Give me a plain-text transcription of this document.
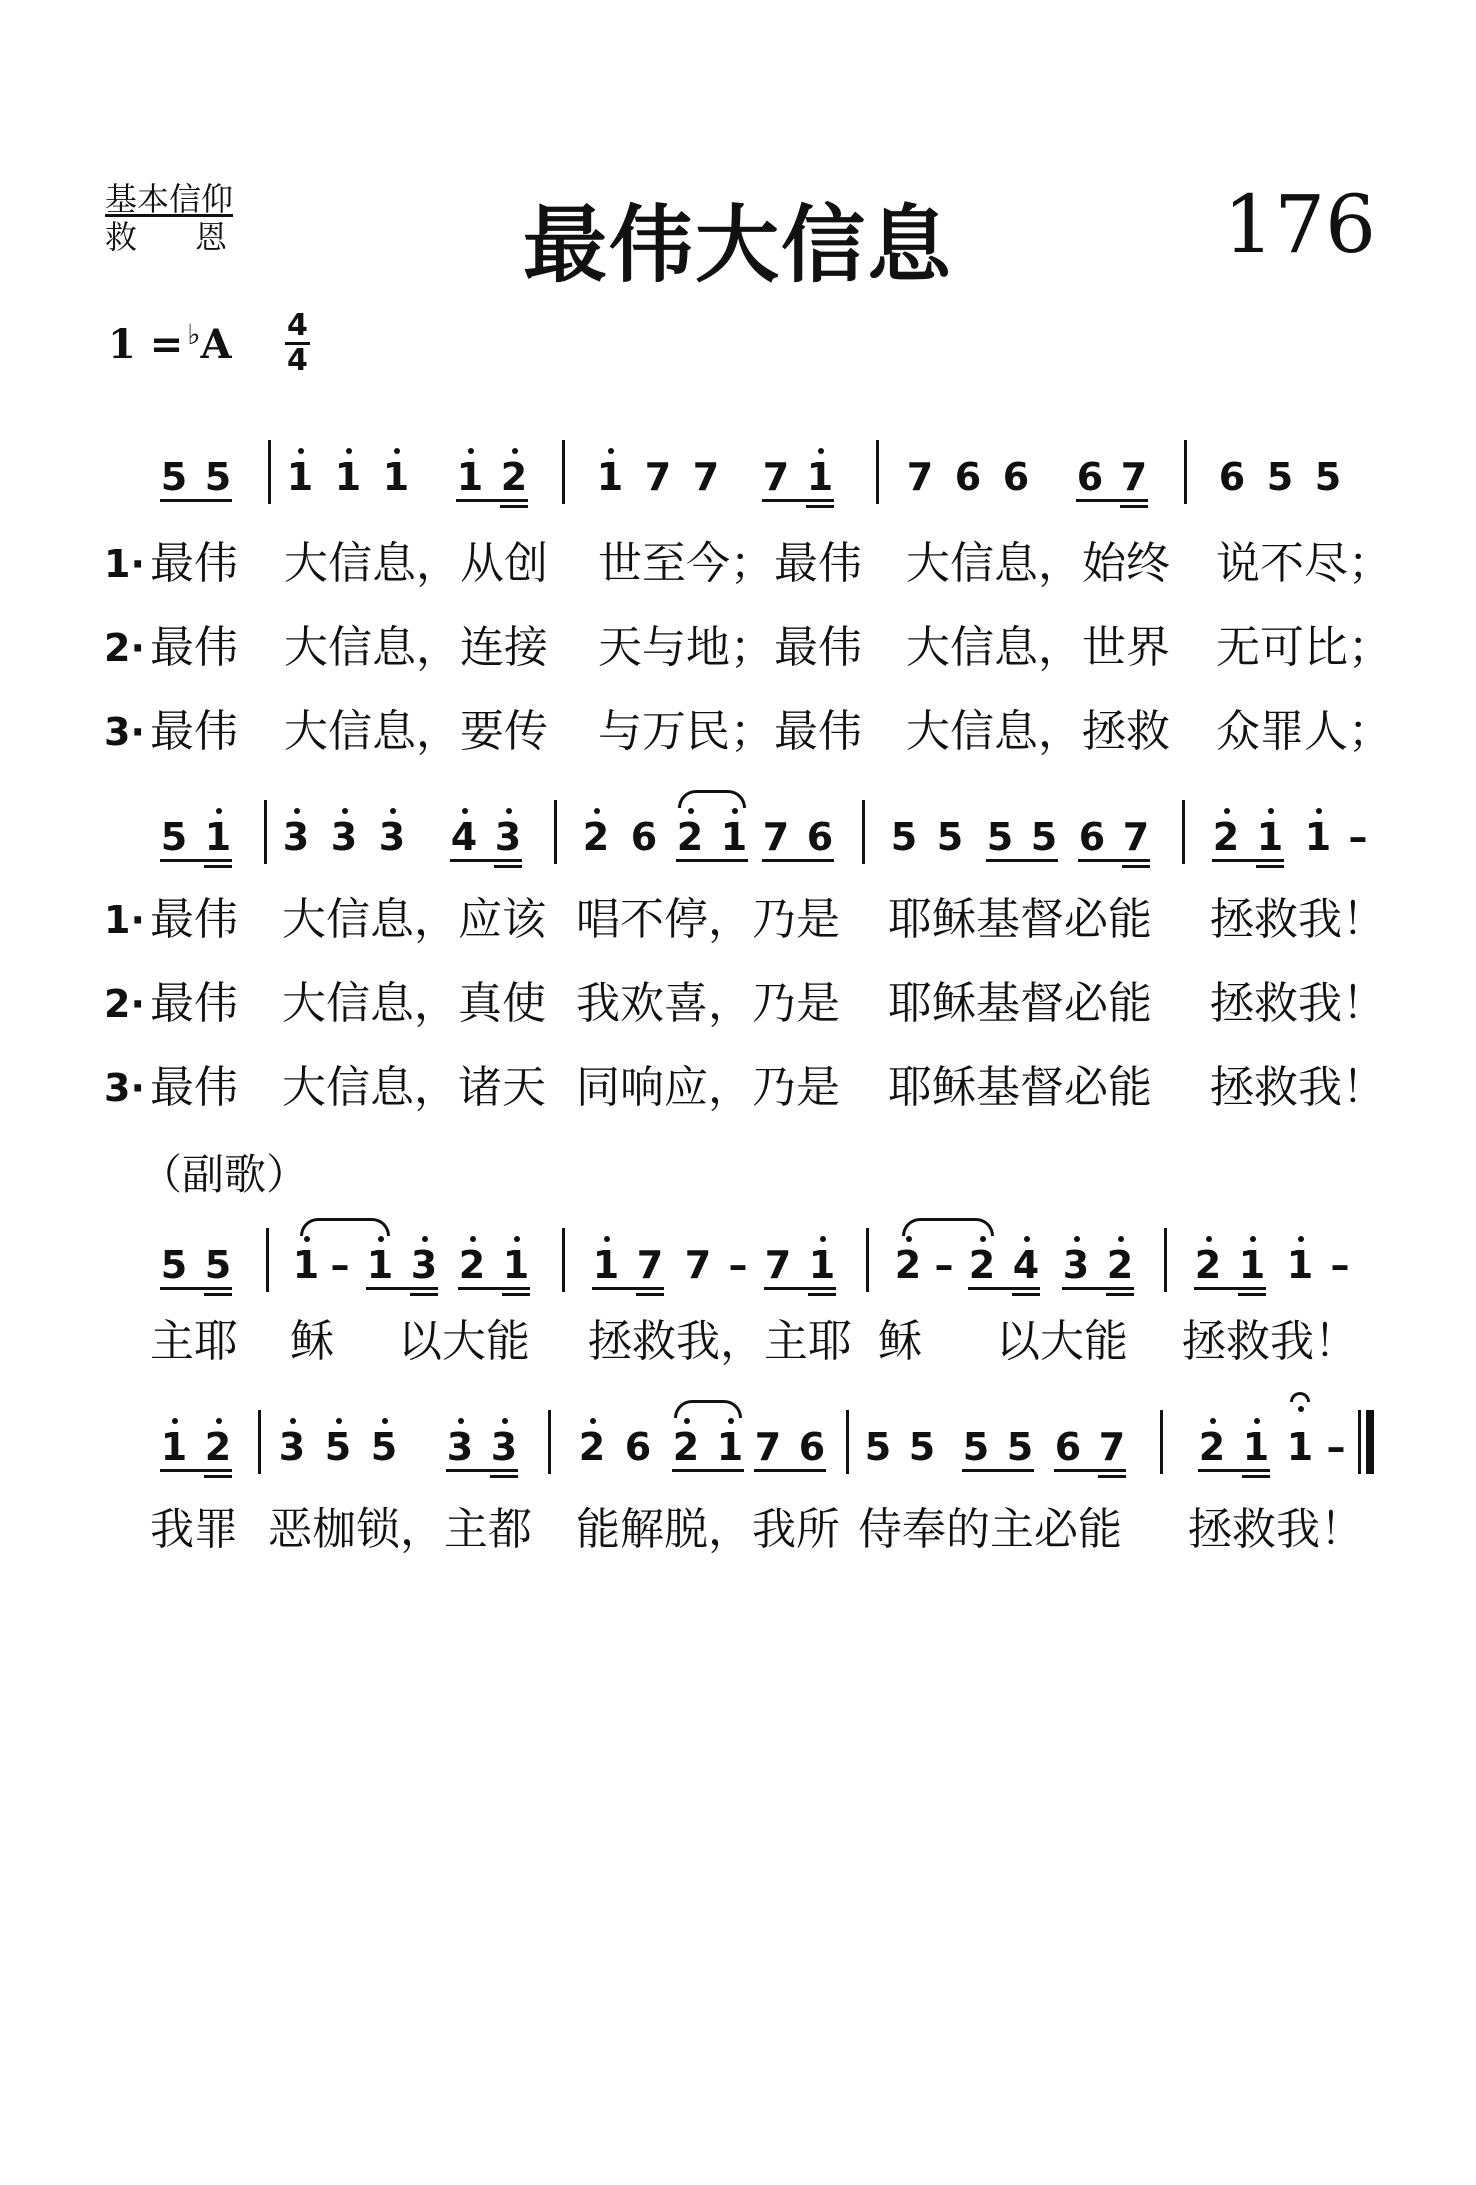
基本信仰
救恩	最伟大信息	176
1 = ♭A 4
4
5 5 1 1 1 1 2 1 7 7 7 1 7 6 6 6 7 6 5 5
1· 最伟 大信息，从创 世至今；最伟 大信息，始终 说不尽；
2· 最伟 大信息，连接 天与地；最伟 大信息，世界 无可比；
3· 最伟 大信息，要传 与万民；最伟 大信息，拯救 众罪人；
5 1 3 3 3 4 3 2 6 2 1 7 6 5 5 5 5 6 7 2 1 1 –
1· 最伟 大信息，应该 唱不停，乃是 耶稣基督必能 拯救我！
2· 最伟 大信息，真使 我欢喜，乃是 耶稣基督必能 拯救我！
3· 最伟 大信息，诸天 同响应，乃是 耶稣基督必能 拯救我！
（副歌）
5 5 1 – 1 3 2 1 1 7 7 – 7 1 2 – 2 4 3 2 2 1 1 –
主耶 稣 以大能 拯救我，主耶 稣 以大能 拯救我！
1 2 3 5 5 3 3 2 6 2 1 7 6 5 5 5 5 6 7 2 1 1 –
我罪 恶枷锁，主都 能解脱，我所 侍奉的主必能 拯救我！
